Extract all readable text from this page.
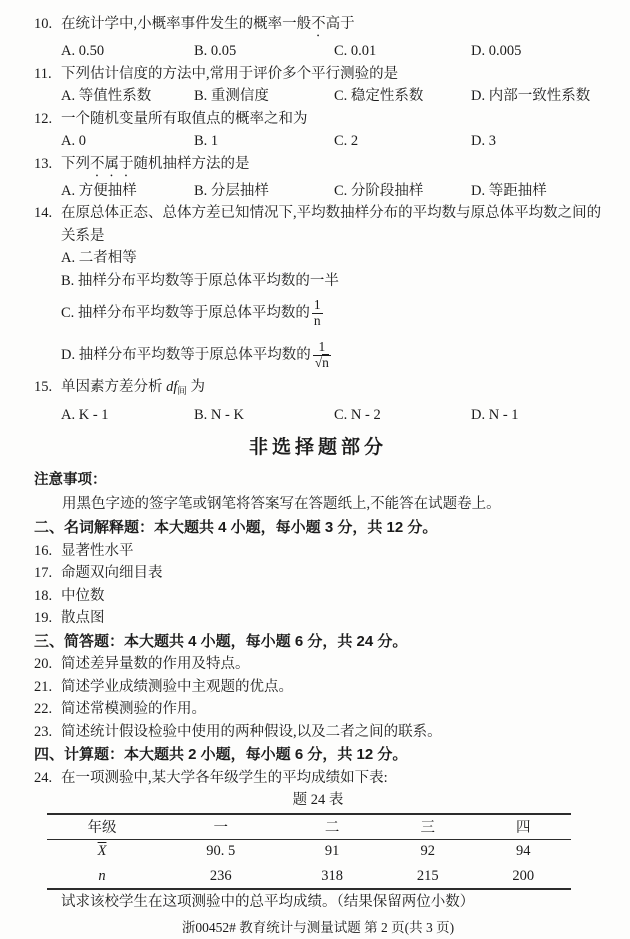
10. 在统计学中,小概率事件发生的概率一般不高于
A. 0.50	B. 0.05	C. 0.01	D. 0.005
11. 下列估计信度的方法中,常用于评价多个平行测验的是
A. 等值性系数	B. 重测信度	C. 稳定性系数	D. 内部一致性系数
12. 一个随机变量所有取值点的概率之和为
A. 0	B. 1	C. 2	D. 3
13. 下列不属于随机抽样方法的是
A. 方便抽样	B. 分层抽样	C. 分阶段抽样	D. 等距抽样
14. 在原总体正态、总体方差已知情况下,平均数抽样分布的平均数与原总体平均数之间的关系是
A. 二者相等
B. 抽样分布平均数等于原总体平均数的一半
C. 抽样分布平均数等于原总体平均数的 $\frac{1}{n}$
D. 抽样分布平均数等于原总体平均数的 $\frac{1}{√n}$
15. 单因素方差分析 $df_间$ 为
A. K - 1	B. N - K	C. N - 2	D. N - 1
非选择题部分
注意事项：
用黑色字迹的签字笔或钢笔将答案写在答题纸上,不能答在试题卷上。
二、名词解释题：本大题共 4 小题，每小题 3 分，共 12 分。
16. 显著性水平
17. 命题双向细目表
18. 中位数
19. 散点图
三、简答题：本大题共 4 小题，每小题 6 分，共 24 分。
20. 简述差异量数的作用及特点。
21. 简述学业成绩测验中主观题的优点。
22. 简述常模测验的作用。
23. 简述统计假设检验中使用的两种假设,以及二者之间的联系。
四、计算题：本大题共 2 小题，每小题 6 分，共 12 分。
24. 在一项测验中,某大学各年级学生的平均成绩如下表:
题 24 表
年级	一	二	三	四
$\overline{X}$	90. 5	91	92	94
n	236	318	215	200
试求该校学生在这项测验中的总平均成绩。（结果保留两位小数）
浙00452# 教育统计与测量试题 第 2 页(共 3 页)
